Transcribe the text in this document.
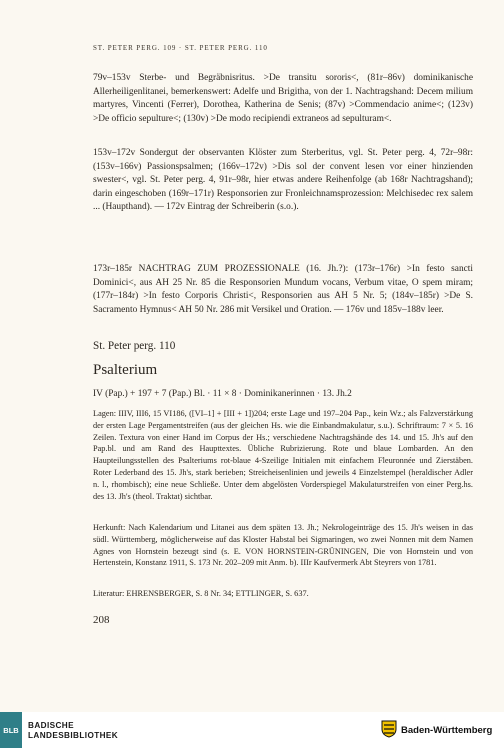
ST. PETER PERG. 109 · ST. PETER PERG. 110
79v–153v Sterbe- und Begräbnisritus. >De transitu sororis<, (81r–86v) dominikanische Allerheiligenlitanei, bemerkenswert: Adelfe und Brigitha, von der 1. Nachtragshand: Decem milium martyres, Vincenti (Ferrer), Dorothea, Katherina de Senis; (87v) >Commendacio anime<; (123v) >De officio sepulture<; (130v) >De modo recipiendi extraneos ad sepulturam<.
153v–172v Sondergut der observanten Klöster zum Sterberitus, vgl. St. Peter perg. 4, 72r–98r: (153v–166v) Passionspsalmen; (166v–172v) >Dis sol der convent lesen vor einer hinzienden swester<, vgl. St. Peter perg. 4, 91r–98r, hier etwas andere Reihenfolge (ab 168r Nachtragshand); darin eingeschoben (169r–171r) Responsorien zur Fronleichnamsprozession: Melchisedec rex salem ... (Haupthand). — 172v Eintrag der Schreiberin (s.o.).
173r–185r NACHTRAG ZUM PROZESSIONALE (16. Jh.?): (173r–176r) >In festo sancti Dominici<, aus AH 25 Nr. 85 die Responsorien Mundum vocans, Verbum vitae, O spem miram; (177r–184r) >In festo Corporis Christi<, Responsorien aus AH 5 Nr. 5; (184v–185r) >De S. Sacramento Hymnus< AH 50 Nr. 286 mit Versikel und Oration. — 176v und 185v–188v leer.
St. Peter perg. 110
Psalterium
IV (Pap.) + 197 + 7 (Pap.) Bl. · 11 × 8 · Dominikanerinnen · 13. Jh.2
Lagen: IIIV, III6, 15 VI186, ([VI–1] + [III + 1])204; erste Lage und 197–204 Pap., kein Wz.; als Falzverstärkung der ersten Lage Pergamentstreifen (aus der gleichen Hs. wie die Einbandmakulatur, s.u.). Schriftraum: 7 × 5. 16 Zeilen. Textura von einer Hand im Corpus der Hs.; verschiedene Nachtragshände des 14. und 15. Jh's auf den Pap.bl. und am Rand des Haupttextes. Übliche Rubrizierung. Rote und blaue Lombarden. An den Haupteilungsstellen des Psalteriums rot-blaue 4-Szeilige Initialen mit einfachem Fleuronnée und Zierstäben. Roter Lederband des 15. Jh's, stark berieben; Streicheisenlinien und jeweils 4 Einzelstempel (heraldischer Adler n. l., rhombisch); eine neue Schließe. Unter dem abgelösten Vorderspiegel Makulaturstreifen von einer Perg.hs. des 13. Jh's (theol. Traktat) sichtbar.
Herkunft: Nach Kalendarium und Litanei aus dem späten 13. Jh.; Nekrologeinträge des 15. Jh's weisen in das südl. Württemberg, möglicherweise auf das Kloster Habstal bei Sigmaringen, wo zwei Nonnen mit dem Namen Agnes von Hornstein bezeugt sind (s. E. VON HORNSTEIN-GRÜNINGEN, Die von Hornstein und von Hertenstein, Konstanz 1911, S. 173 Nr. 202–209 mit Anm. b). IIIr Kaufvermerk Abt Steyrers von 1781.
Literatur: EHRENSBERGER, S. 8 Nr. 34; ETTLINGER, S. 637.
208
BLB	BADISCHE
LANDESBIBLIOTHEK	Baden-Württemberg
